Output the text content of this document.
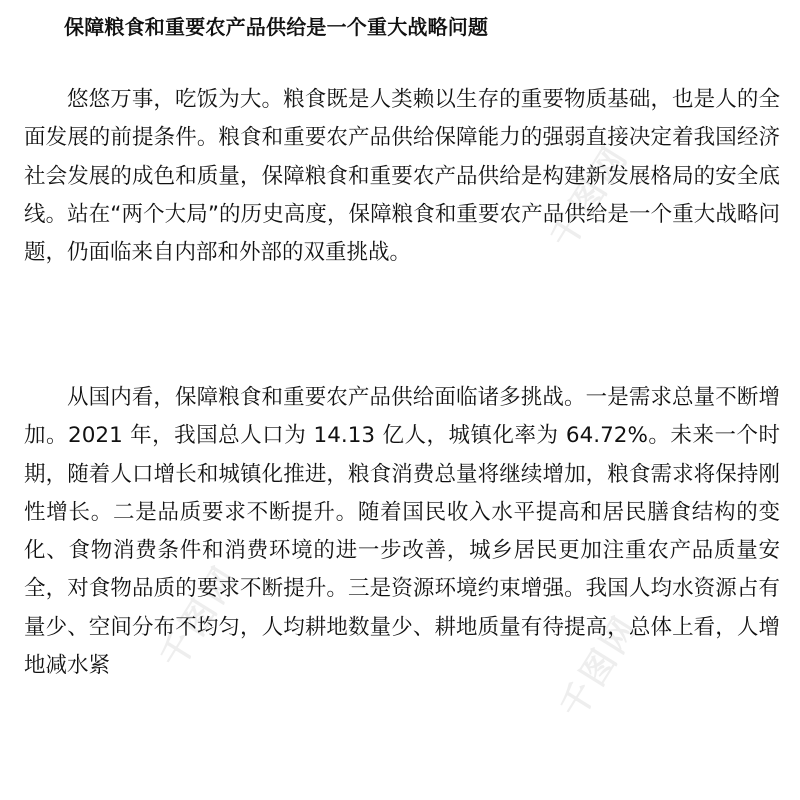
千图网
千图网	千图网
保障粮食和重要农产品供给是一个重大战略问题

悠悠万事，吃饭为大。粮食既是人类赖以生存的重要物质基础，也是人的全面发展的前提条件。粮食和重要农产品供给保障能力的强弱直接决定着我国经济社会发展的成色和质量，保障粮食和重要农产品供给是构建新发展格局的安全底线。站在“两个大局”的历史高度，保障粮食和重要农产品供给是一个重大战略问题，仍面临来自内部和外部的双重挑战。

从国内看，保障粮食和重要农产品供给面临诸多挑战。一是需求总量不断增加。2021 年，我国总人口为 14.13 亿人，城镇化率为 64.72%。未来一个时期，随着人口增长和城镇化推进，粮食消费总量将继续增加，粮食需求将保持刚性增长。二是品质要求不断提升。随着国民收入水平提高和居民膳食结构的变化、食物消费条件和消费环境的进一步改善，城乡居民更加注重农产品质量安全，对食物品质的要求不断提升。三是资源环境约束增强。我国人均水资源占有量少、空间分布不均匀，人均耕地数量少、耕地质量有待提高，总体上看，人增地减水紧
